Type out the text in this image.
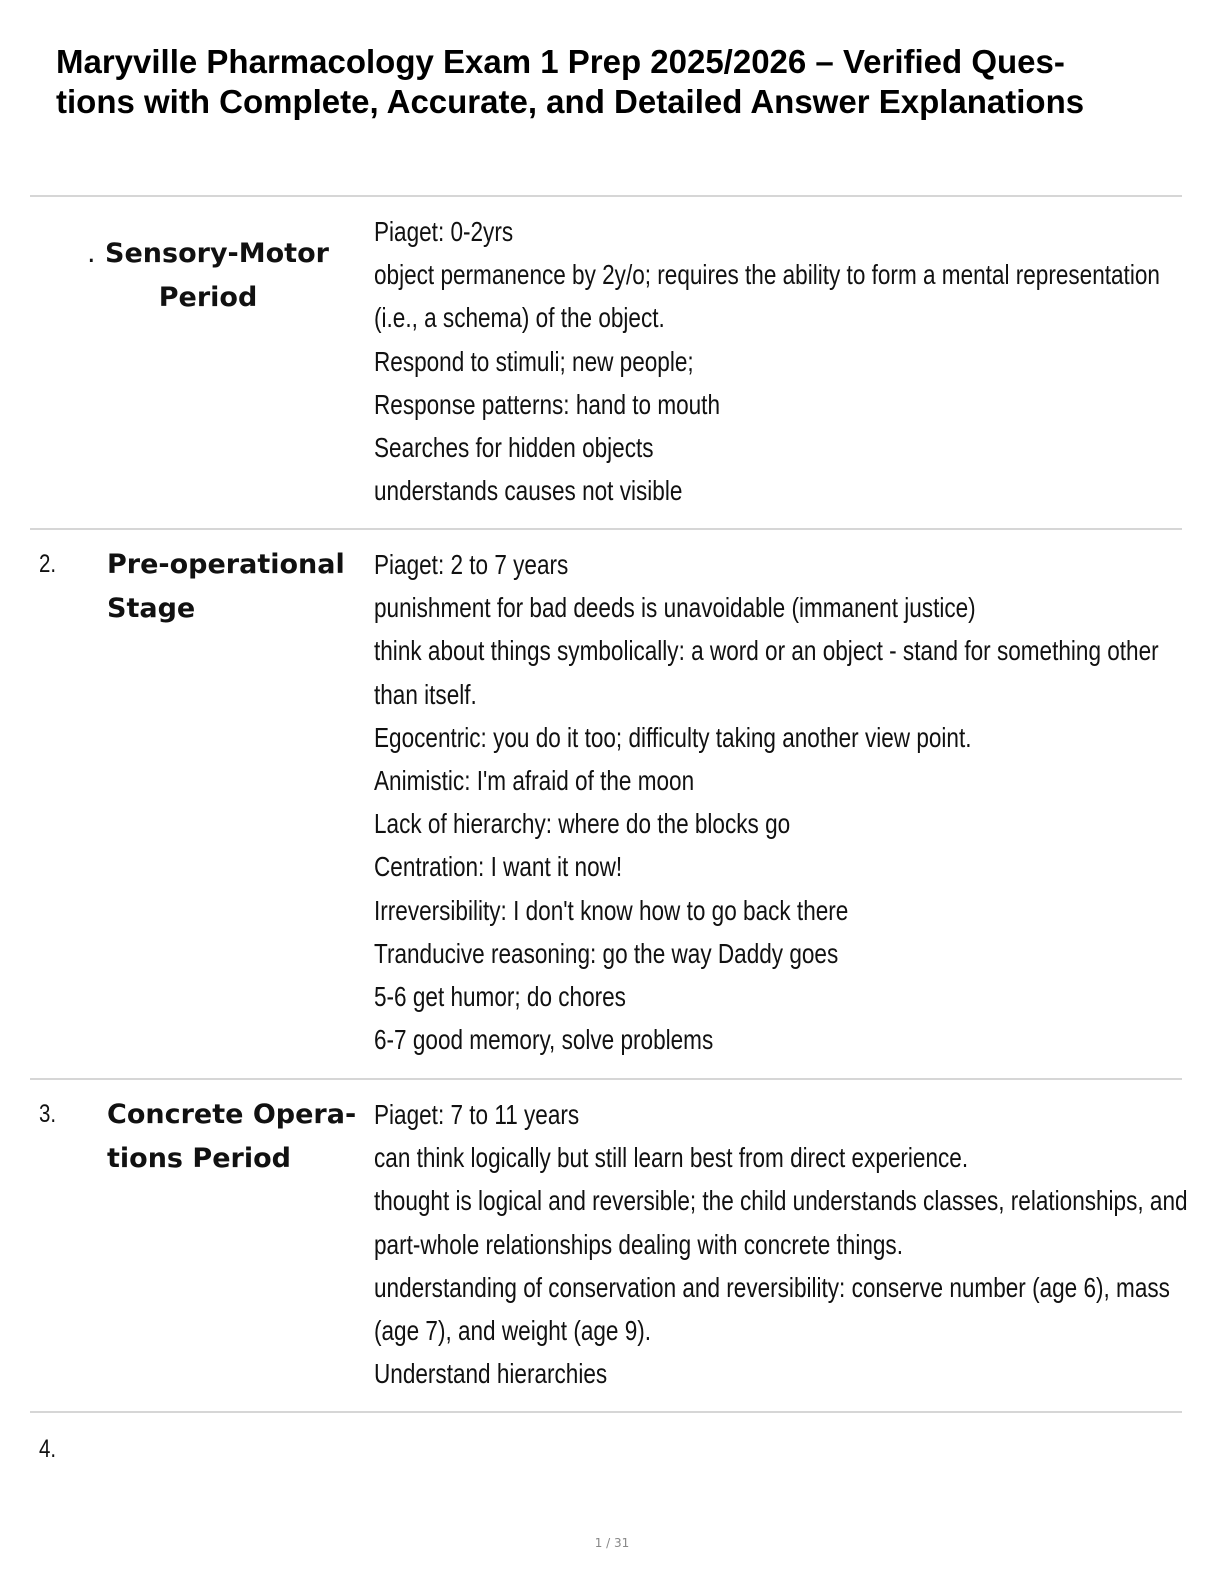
Maryville Pharmacology Exam 1 Prep 2025/2026 – Verified Ques-
tions with Complete, Accurate, and Detailed Answer Explanations
. Sensory-Motor
Period
Piaget: 0-2yrs
object permanence by 2y/o; requires the ability to form a mental representation
(i.e., a schema) of the object.
Respond to stimuli; new people;
Response patterns: hand to mouth
Searches for hidden objects
understands causes not visible
2. Pre-operational
Stage
Piaget: 2 to 7 years
punishment for bad deeds is unavoidable (immanent justice)
think about things symbolically: a word or an object - stand for something other
than itself.
Egocentric: you do it too; difficulty taking another view point.
Animistic: I'm afraid of the moon
Lack of hierarchy: where do the blocks go
Centration: I want it now!
Irreversibility: I don't know how to go back there
Tranducive reasoning: go the way Daddy goes
5-6 get humor; do chores
6-7 good memory, solve problems
3. Concrete Opera-
tions Period
Piaget: 7 to 11 years
can think logically but still learn best from direct experience.
thought is logical and reversible; the child understands classes, relationships, and
part-whole relationships dealing with concrete things.
understanding of conservation and reversibility: conserve number (age 6), mass
(age 7), and weight (age 9).
Understand hierarchies
4.
1 / 31
